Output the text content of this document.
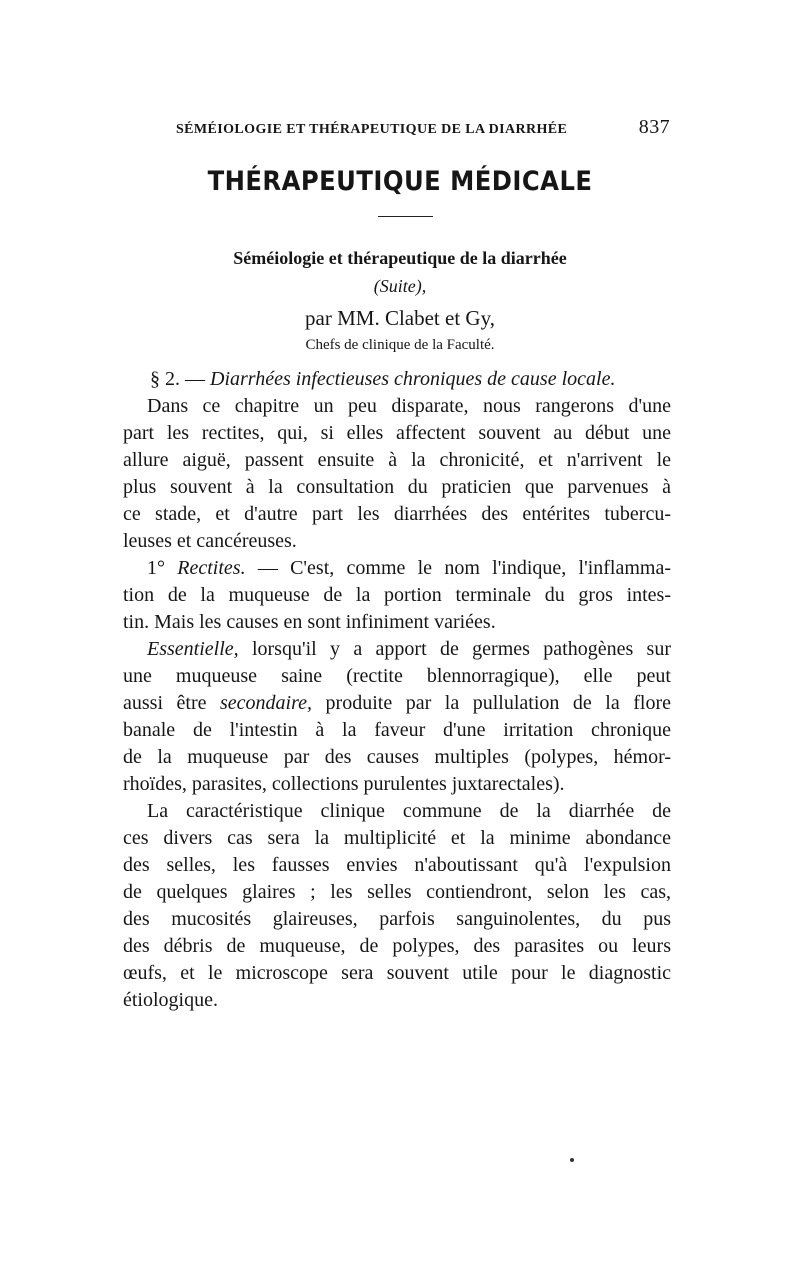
SÉMÉIOLOGIE ET THÉRAPEUTIQUE DE LA DIARRHÉE	837
THÉRAPEUTIQUE MÉDICALE
Séméiologie et thérapeutique de la diarrhée
(Suite),
par MM. Clabet et Gy,
Chefs de clinique de la Faculté.
§ 2. — Diarrhées infectieuses chroniques de cause locale.
Dans ce chapitre un peu disparate, nous rangerons d'une
part les rectites, qui, si elles affectent souvent au début une
allure aiguë, passent ensuite à la chronicité, et n'arrivent le
plus souvent à la consultation du praticien que parvenues à
ce stade, et d'autre part les diarrhées des entérites tubercu-
leuses et cancéreuses.
1° Rectites. — C'est, comme le nom l'indique, l'inflamma-
tion de la muqueuse de la portion terminale du gros intes-
tin. Mais les causes en sont infiniment variées.
Essentielle, lorsqu'il y a apport de germes pathogènes sur
une muqueuse saine (rectite blennorragique), elle peut
aussi être secondaire, produite par la pullulation de la flore
banale de l'intestin à la faveur d'une irritation chronique
de la muqueuse par des causes multiples (polypes, hémor-
rhoïdes, parasites, collections purulentes juxtarectales).
La caractéristique clinique commune de la diarrhée de
ces divers cas sera la multiplicité et la minime abondance
des selles, les fausses envies n'aboutissant qu'à l'expulsion
de quelques glaires ; les selles contiendront, selon les cas,
des mucosités glaireuses, parfois sanguinolentes, du pus
des débris de muqueuse, de polypes, des parasites ou leurs
œufs, et le microscope sera souvent utile pour le diagnostic
étiologique.
